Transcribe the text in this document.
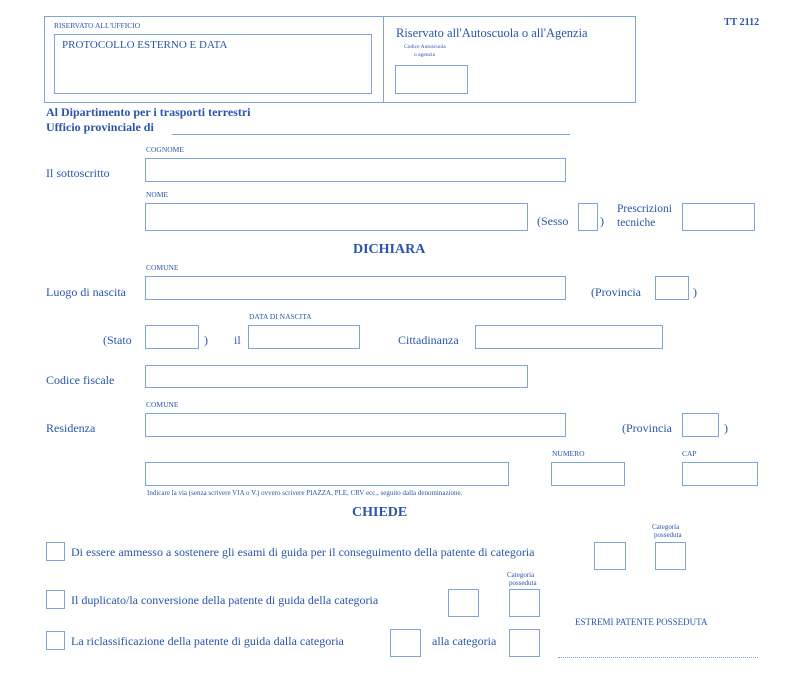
RISERVATO ALL'UFFICIO
PROTOCOLLO ESTERNO E DATA
Riservato all'Autoscuola o all'Agenzia
Codice Autoscuola
o agenzia
TT 2112
Al Dipartimento per i trasporti terrestri
Ufficio provinciale di
COGNOME
Il sottoscritto
NOME
(Sesso	)
Prescrizioni
tecniche
DICHIARA
COMUNE
Luogo di nascita	(Provincia	)
(Stato	) il
DATA DI NASCITA
Cittadinanza
Codice fiscale
COMUNE
Residenza	(Provincia	)
NUMERO	CAP
Indicare la via (senza scrivere VIA o V.) ovvero scrivere PIAZZA, PLE, CRV ecc., seguito dalla denominazione.
CHIEDE
Categoria
posseduta
Di essere ammesso a sostenere gli esami di guida per il conseguimento della patente di categoria
Categoria
posseduta
Il duplicato/la conversione della patente di guida della categoria
ESTREMI PATENTE POSSEDUTA
La riclassificazione della patente di guida dalla categoria	alla categoria
